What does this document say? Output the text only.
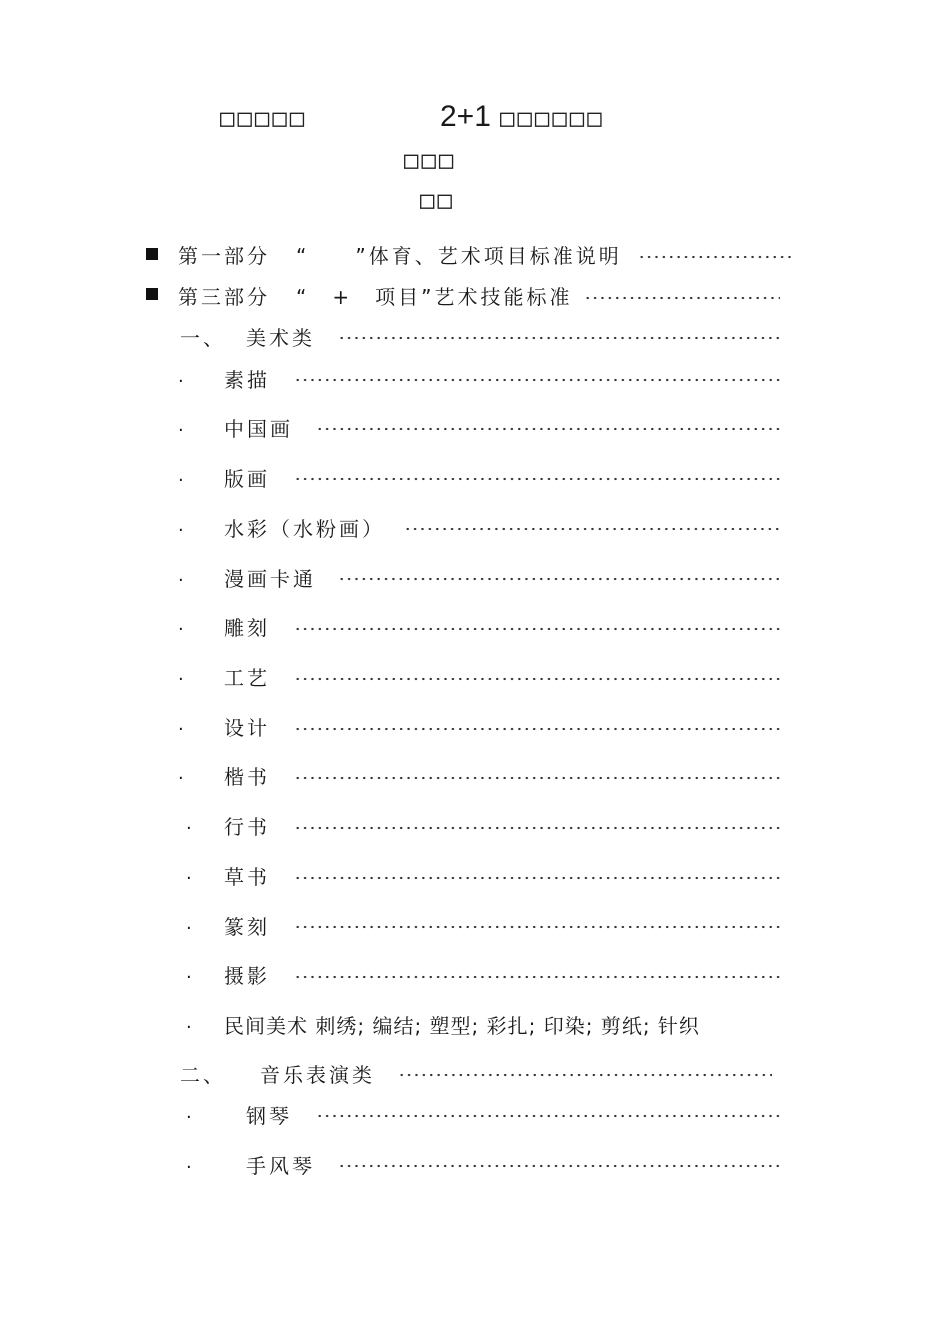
□□□□□	2+1 □□□□□□
□□□
□□
第一部分 “　　”体育、艺术项目标准说明
第三部分 “　+　项目”艺术技能标准
一、 美术类
. 素描
. 中国画
. 版画
. 水彩（水粉画）
. 漫画卡通
. 雕刻
. 工艺
. 设计
. 楷书
. 行书
. 草书
. 篆刻
. 摄影
. 民间美术 刺绣; 编结; 塑型; 彩扎; 印染; 剪纸; 针织
二、 音乐表演类
.	钢琴
.	手风琴
